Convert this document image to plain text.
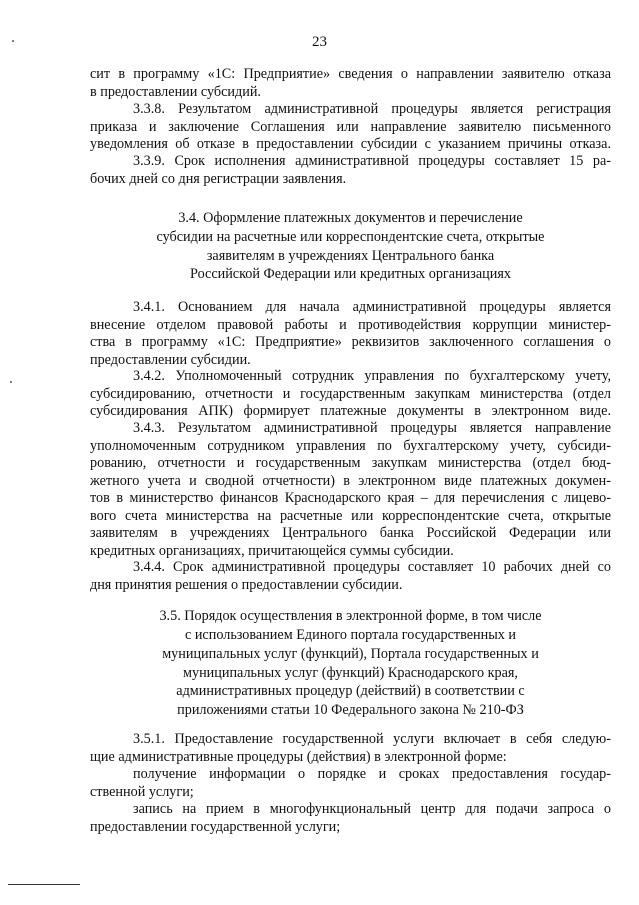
23
сит в программу «1С: Предприятие» сведения о направлении заявителю отказа
в предоставлении субсидий.
3.3.8. Результатом административной процедуры является регистрация
приказа и заключение Соглашения или направление заявителю письменного
уведомления об отказе в предоставлении субсидии с указанием причины отказа.
3.3.9. Срок исполнения административной процедуры составляет 15 ра-
бочих дней со дня регистрации заявления.
3.4. Оформление платежных документов и перечисление
субсидии на расчетные или корреспондентские счета, открытые
заявителям в учреждениях Центрального банка
Российской Федерации или кредитных организациях
3.4.1. Основанием для начала административной процедуры является
внесение отделом правовой работы и противодействия коррупции министер-
ства в программу «1С: Предприятие» реквизитов заключенного соглашения о
предоставлении субсидии.
3.4.2. Уполномоченный сотрудник управления по бухгалтерскому учету,
субсидированию, отчетности и государственным закупкам министерства (отдел
субсидирования АПК) формирует платежные документы в электронном виде.
3.4.3. Результатом административной процедуры является направление
уполномоченным сотрудником управления по бухгалтерскому учету, субсиди-
рованию, отчетности и государственным закупкам министерства (отдел бюд-
жетного учета и сводной отчетности) в электронном виде платежных докумен-
тов в министерство финансов Краснодарского края – для перечисления с лицево-
вого счета министерства на расчетные или корреспондентские счета, открытые
заявителям в учреждениях Центрального банка Российской Федерации или
кредитных организациях, причитающейся суммы субсидии.
3.4.4. Срок административной процедуры составляет 10 рабочих дней со
дня принятия решения о предоставлении субсидии.
3.5. Порядок осуществления в электронной форме, в том числе
с использованием Единого портала государственных и
муниципальных услуг (функций), Портала государственных и
муниципальных услуг (функций) Краснодарского края,
административных процедур (действий) в соответствии с
приложениями статьи 10 Федерального закона № 210-ФЗ
3.5.1. Предоставление государственной услуги включает в себя следую-
щие административные процедуры (действия) в электронной форме:
получение информации о порядке и сроках предоставления государ-
ственной услуги;
запись на прием в многофункциональный центр для подачи запроса о
предоставлении государственной услуги;
